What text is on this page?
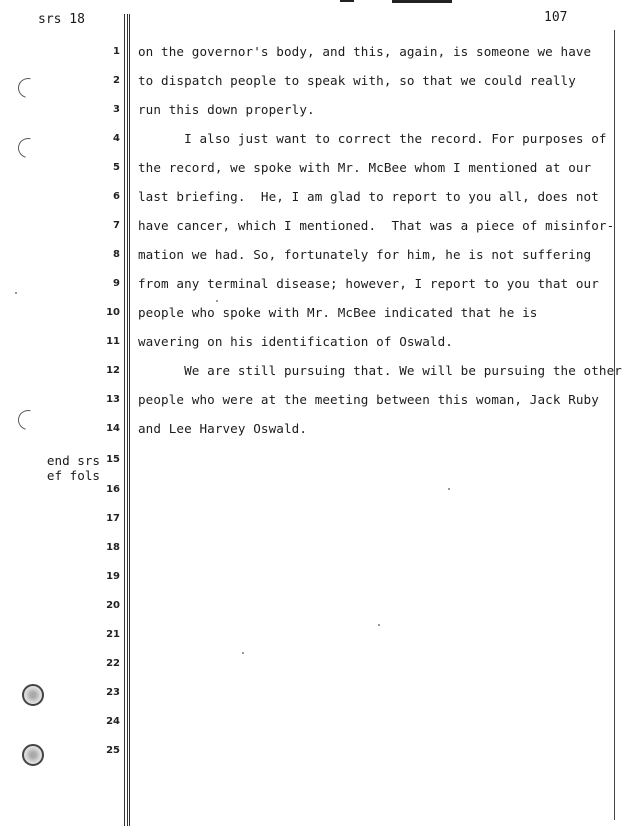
srs 18	107
1
2
3
4
5
6
7
8
9
10
11
12
13
14
15
16
17
18
19
20
21
22
23
24
25
end srs
ef fols
on the governor's body, and this, again, is someone we have
to dispatch people to speak with, so that we could really
run this down properly.
I also just want to correct the record. For purposes of
the record, we spoke with Mr. McBee whom I mentioned at our
last briefing.  He, I am glad to report to you all, does not
have cancer, which I mentioned.  That was a piece of misinfor-
mation we had. So, fortunately for him, he is not suffering
from any terminal disease; however, I report to you that our
people who spoke with Mr. McBee indicated that he is
wavering on his identification of Oswald.
We are still pursuing that. We will be pursuing the other
people who were at the meeting between this woman, Jack Ruby
and Lee Harvey Oswald.
